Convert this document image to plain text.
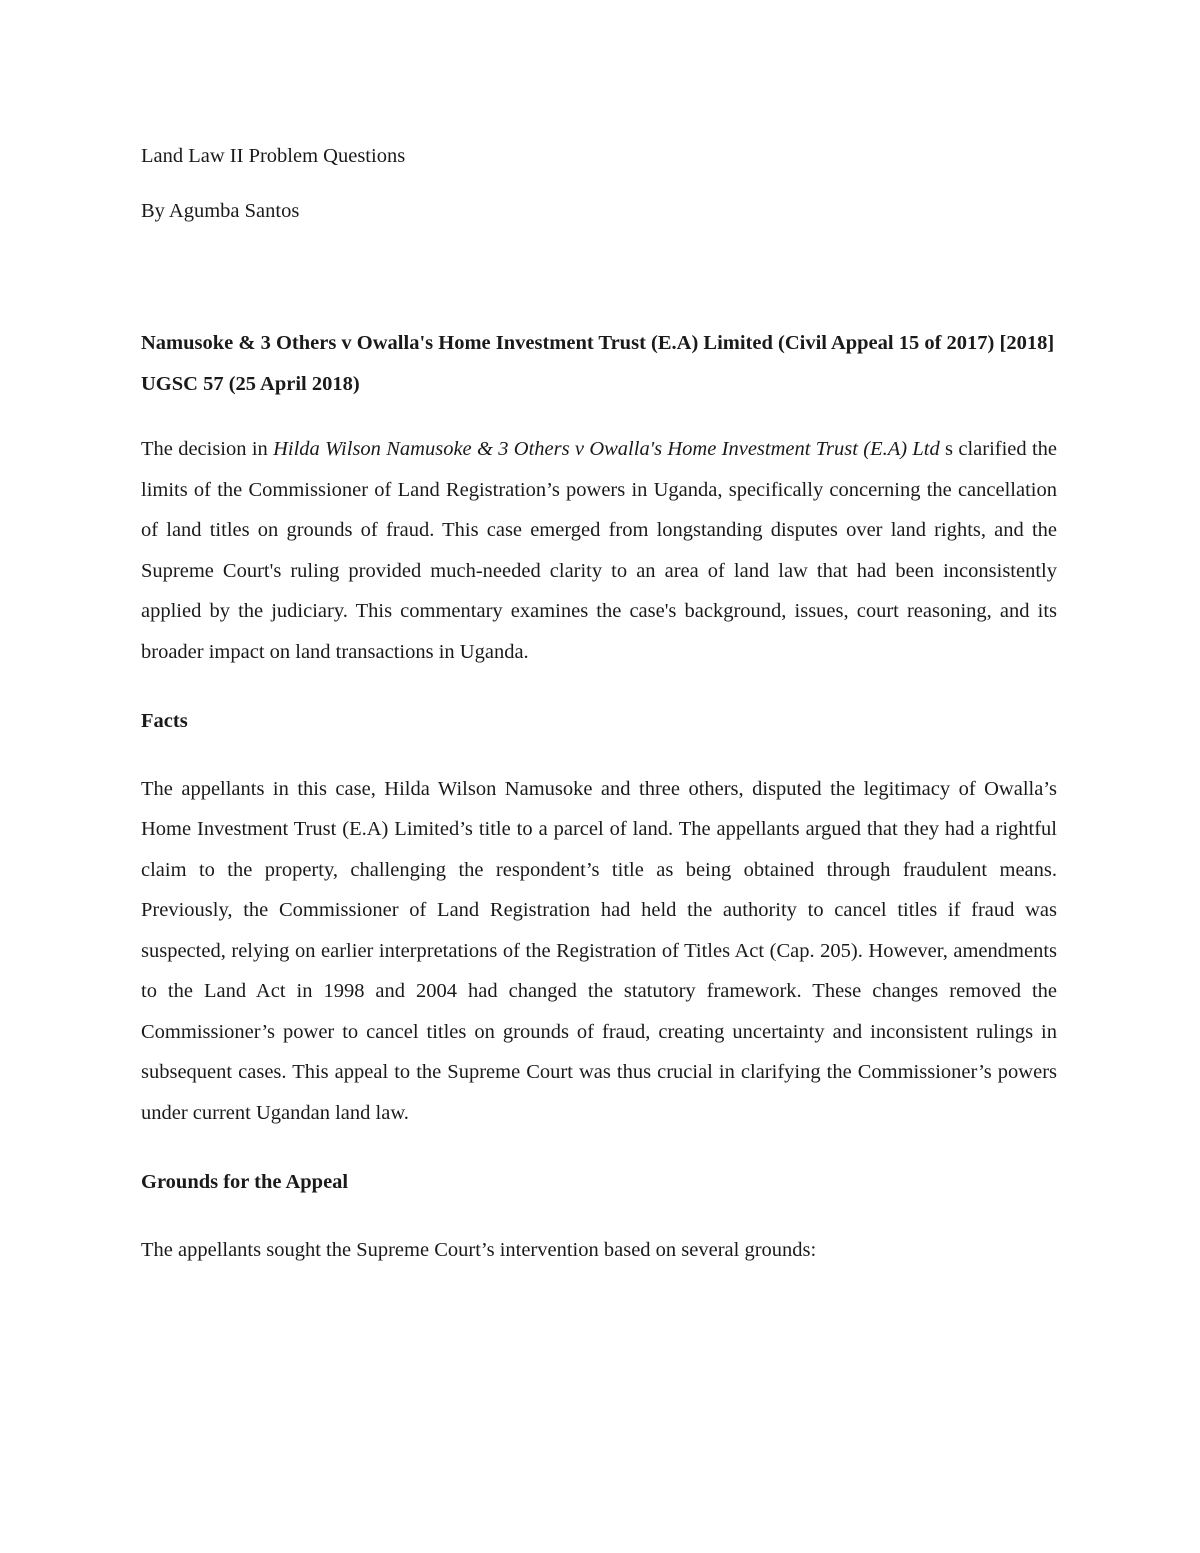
Land Law II Problem Questions

By Agumba Santos

Namusoke & 3 Others v Owalla's Home Investment Trust (E.A) Limited (Civil Appeal 15 of 2017) [2018] UGSC 57 (25 April 2018)

The decision in Hilda Wilson Namusoke & 3 Others v Owalla's Home Investment Trust (E.A) Ltd s clarified the limits of the Commissioner of Land Registration’s powers in Uganda, specifically concerning the cancellation of land titles on grounds of fraud. This case emerged from longstanding disputes over land rights, and the Supreme Court's ruling provided much-needed clarity to an area of land law that had been inconsistently applied by the judiciary. This commentary examines the case's background, issues, court reasoning, and its broader impact on land transactions in Uganda.

Facts

The appellants in this case, Hilda Wilson Namusoke and three others, disputed the legitimacy of Owalla’s Home Investment Trust (E.A) Limited’s title to a parcel of land. The appellants argued that they had a rightful claim to the property, challenging the respondent’s title as being obtained through fraudulent means. Previously, the Commissioner of Land Registration had held the authority to cancel titles if fraud was suspected, relying on earlier interpretations of the Registration of Titles Act (Cap. 205). However, amendments to the Land Act in 1998 and 2004 had changed the statutory framework. These changes removed the Commissioner’s power to cancel titles on grounds of fraud, creating uncertainty and inconsistent rulings in subsequent cases. This appeal to the Supreme Court was thus crucial in clarifying the Commissioner’s powers under current Ugandan land law.

Grounds for the Appeal

The appellants sought the Supreme Court’s intervention based on several grounds:
